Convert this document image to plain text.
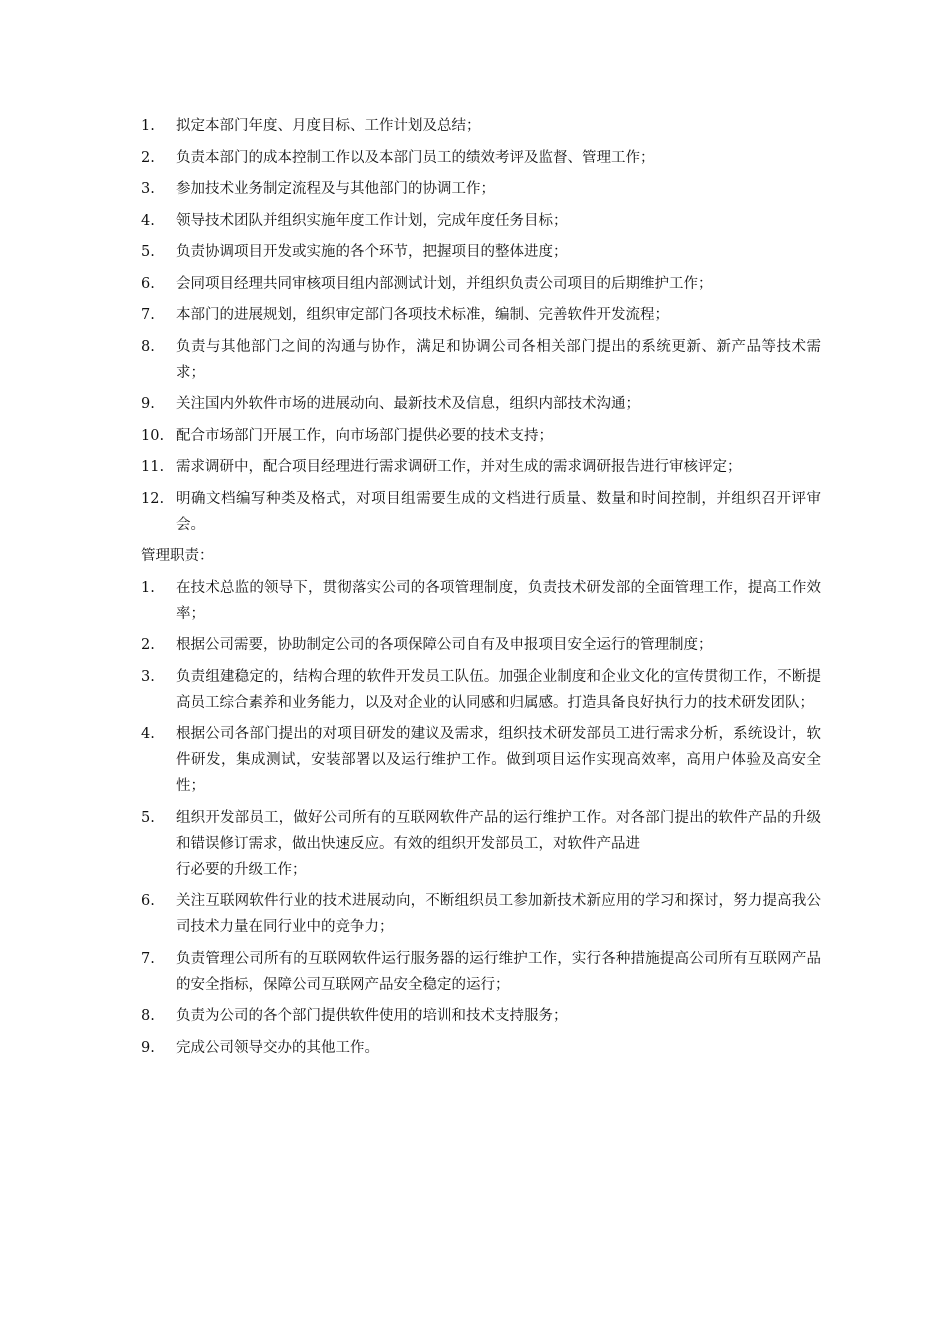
1.	拟定本部门年度、月度目标、工作计划及总结；
2.	负责本部门的成本控制工作以及本部门员工的绩效考评及监督、管理工作；
3.	参加技术业务制定流程及与其他部门的协调工作；
4.	领导技术团队并组织实施年度工作计划，完成年度任务目标；
5.	负责协调项目开发或实施的各个环节，把握项目的整体进度；
6.	会同项目经理共同审核项目组内部测试计划，并组织负责公司项目的后期维护工作；
7.	本部门的进展规划，组织审定部门各项技术标准，编制、完善软件开发流程；
8.	负责与其他部门之间的沟通与协作，满足和协调公司各相关部门提出的系统更新、新产品等技术需求；
9.	关注国内外软件市场的进展动向、最新技术及信息，组织内部技术沟通；
10. 配合市场部门开展工作，向市场部门提供必要的技术支持；
11. 需求调研中，配合项目经理进行需求调研工作，并对生成的需求调研报告进行审核评定；
12. 明确文档编写种类及格式，对项目组需要生成的文档进行质量、数量和时间控制，并组织召开评审会。
管理职责：
1.	在技术总监的领导下，贯彻落实公司的各项管理制度，负责技术研发部的全面管理工作，提高工作效率；
2.	根据公司需要，协助制定公司的各项保障公司自有及申报项目安全运行的管理制度；
3.	负责组建稳定的，结构合理的软件开发员工队伍。加强企业制度和企业文化的宣传贯彻工作，不断提高员工综合素养和业务能力，以及对企业的认同感和归属感。打造具备良好执行力的技术研发团队；
4.	根据公司各部门提出的对项目研发的建议及需求，组织技术研发部员工进行需求分析，系统设计，软件研发，集成测试，安装部署以及运行维护工作。做到项目运作实现高效率，高用户体验及高安全性；
5.	组织开发部员工，做好公司所有的互联网软件产品的运行维护工作。对各部门提出的软件产品的升级和错误修订需求，做出快速反应。有效的组织开发部员工，对软件产品进
行必要的升级工作；
6.	关注互联网软件行业的技术进展动向，不断组织员工参加新技术新应用的学习和探讨，努力提高我公司技术力量在同行业中的竞争力；
7.	负责管理公司所有的互联网软件运行服务器的运行维护工作，实行各种措施提高公司所有互联网产品的安全指标，保障公司互联网产品安全稳定的运行；
8.	负责为公司的各个部门提供软件使用的培训和技术支持服务；
9.	完成公司领导交办的其他工作。
